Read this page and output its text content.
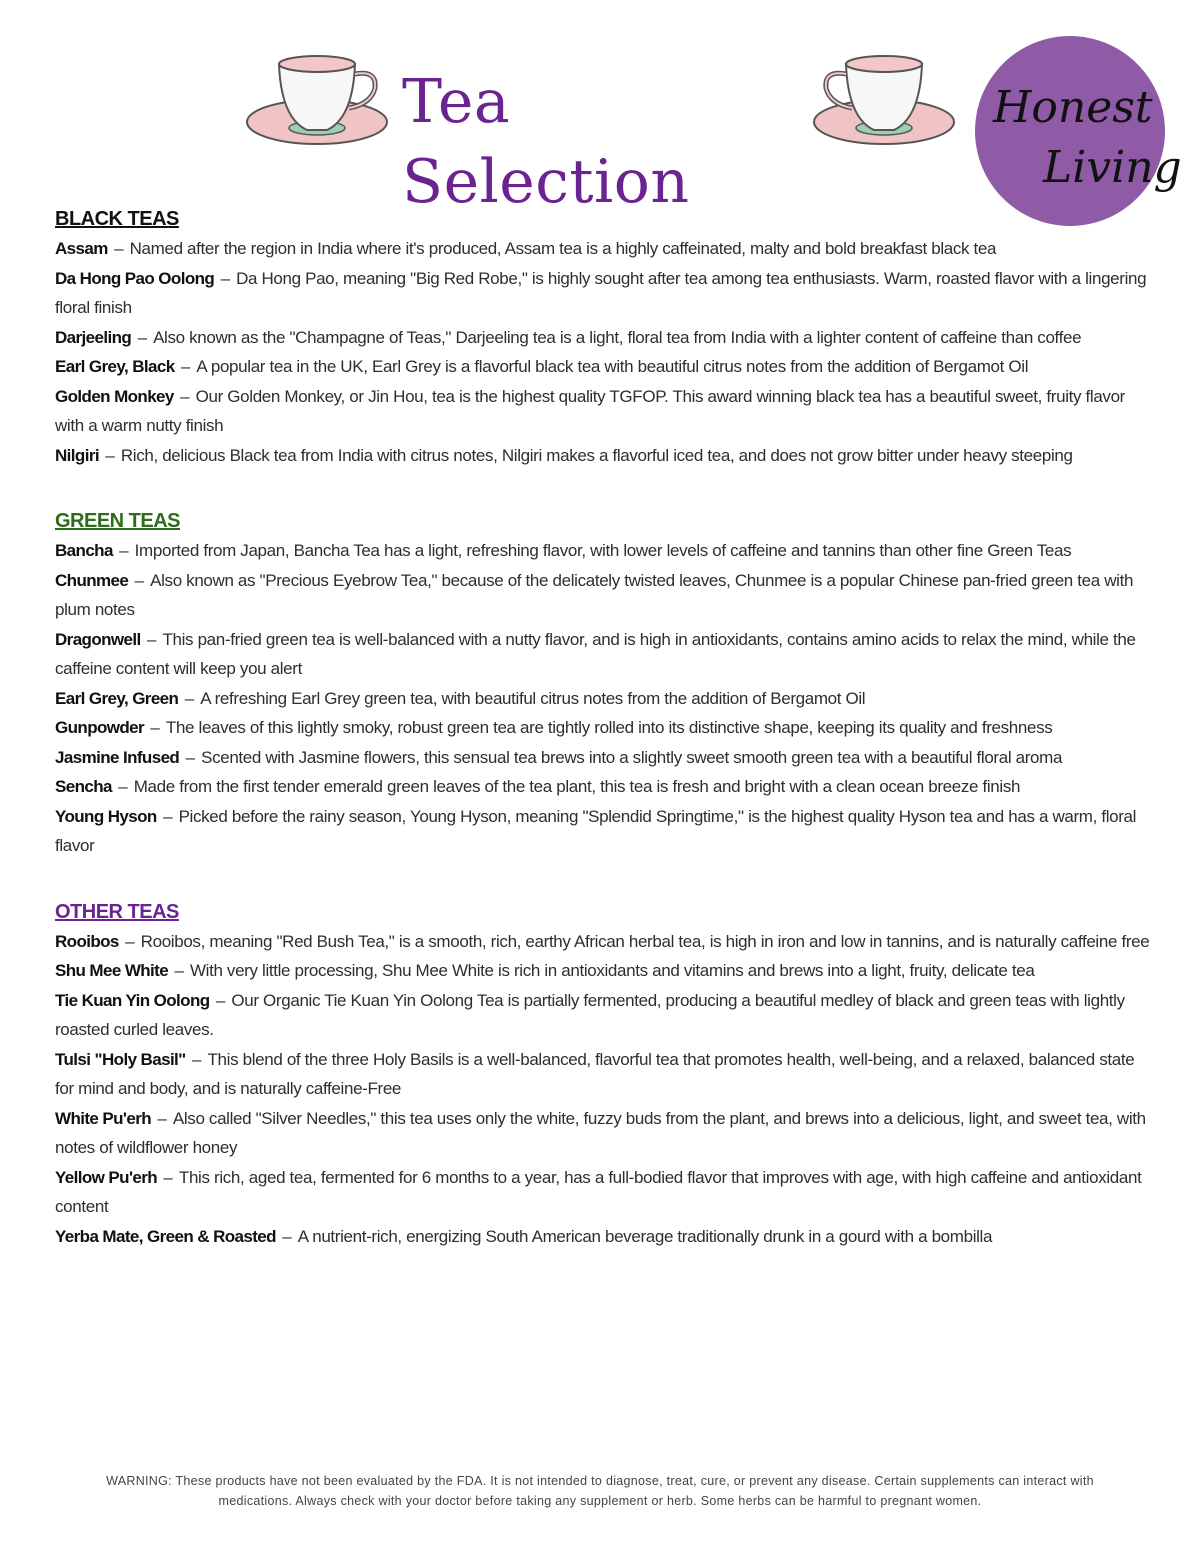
Tea Selection
Honest
Living
BLACK TEAS
Assam – Named after the region in India where it's produced, Assam tea is a highly caffeinated, malty and bold breakfast black tea
Da Hong Pao Oolong – Da Hong Pao, meaning "Big Red Robe," is highly sought after tea among tea enthusiasts. Warm, roasted flavor with a lingering floral finish
Darjeeling – Also known as the "Champagne of Teas," Darjeeling tea is a light, floral tea from India with a lighter content of caffeine than coffee
Earl Grey, Black – A popular tea in the UK, Earl Grey is a flavorful black tea with beautiful citrus notes from the addition of Bergamot Oil
Golden Monkey – Our Golden Monkey, or Jin Hou, tea is the highest quality TGFOP. This award winning black tea has a beautiful sweet, fruity flavor with a warm nutty finish
Nilgiri – Rich, delicious Black tea from India with citrus notes, Nilgiri makes a flavorful iced tea, and does not grow bitter under heavy steeping
GREEN TEAS
Bancha – Imported from Japan, Bancha Tea has a light, refreshing flavor, with lower levels of caffeine and tannins than other fine Green Teas
Chunmee – Also known as "Precious Eyebrow Tea," because of the delicately twisted leaves, Chunmee is a popular Chinese pan-fried green tea with plum notes
Dragonwell – This pan-fried green tea is well-balanced with a nutty flavor, and is high in antioxidants, contains amino acids to relax the mind, while the caffeine content will keep you alert
Earl Grey, Green – A refreshing Earl Grey green tea, with beautiful citrus notes from the addition of Bergamot Oil
Gunpowder – The leaves of this lightly smoky, robust green tea are tightly rolled into its distinctive shape, keeping its quality and freshness
Jasmine Infused – Scented with Jasmine flowers, this sensual tea brews into a slightly sweet smooth green tea with a beautiful floral aroma
Sencha – Made from the first tender emerald green leaves of the tea plant, this tea is fresh and bright with a clean ocean breeze finish
Young Hyson – Picked before the rainy season, Young Hyson, meaning "Splendid Springtime," is the highest quality Hyson tea and has a warm, floral flavor
OTHER TEAS
Rooibos – Rooibos, meaning "Red Bush Tea," is a smooth, rich, earthy African herbal tea, is high in iron and low in tannins, and is naturally caffeine free
Shu Mee White – With very little processing, Shu Mee White is rich in antioxidants and vitamins and brews into a light, fruity, delicate tea
Tie Kuan Yin Oolong – Our Organic Tie Kuan Yin Oolong Tea is partially fermented, producing a beautiful medley of black and green teas with lightly roasted curled leaves.
Tulsi "Holy Basil" – This blend of the three Holy Basils is a well-balanced, flavorful tea that promotes health, well-being, and a relaxed, balanced state for mind and body, and is naturally caffeine-Free
White Pu'erh – Also called "Silver Needles," this tea uses only the white, fuzzy buds from the plant, and brews into a delicious, light, and sweet tea, with notes of wildflower honey
Yellow Pu'erh – This rich, aged tea, fermented for 6 months to a year, has a full-bodied flavor that improves with age, with high caffeine and antioxidant content
Yerba Mate, Green & Roasted – A nutrient-rich, energizing South American beverage traditionally drunk in a gourd with a bombilla
WARNING: These products have not been evaluated by the FDA. It is not intended to diagnose, treat, cure, or prevent any disease. Certain supplements can interact with medications. Always check with your doctor before taking any supplement or herb. Some herbs can be harmful to pregnant women.
